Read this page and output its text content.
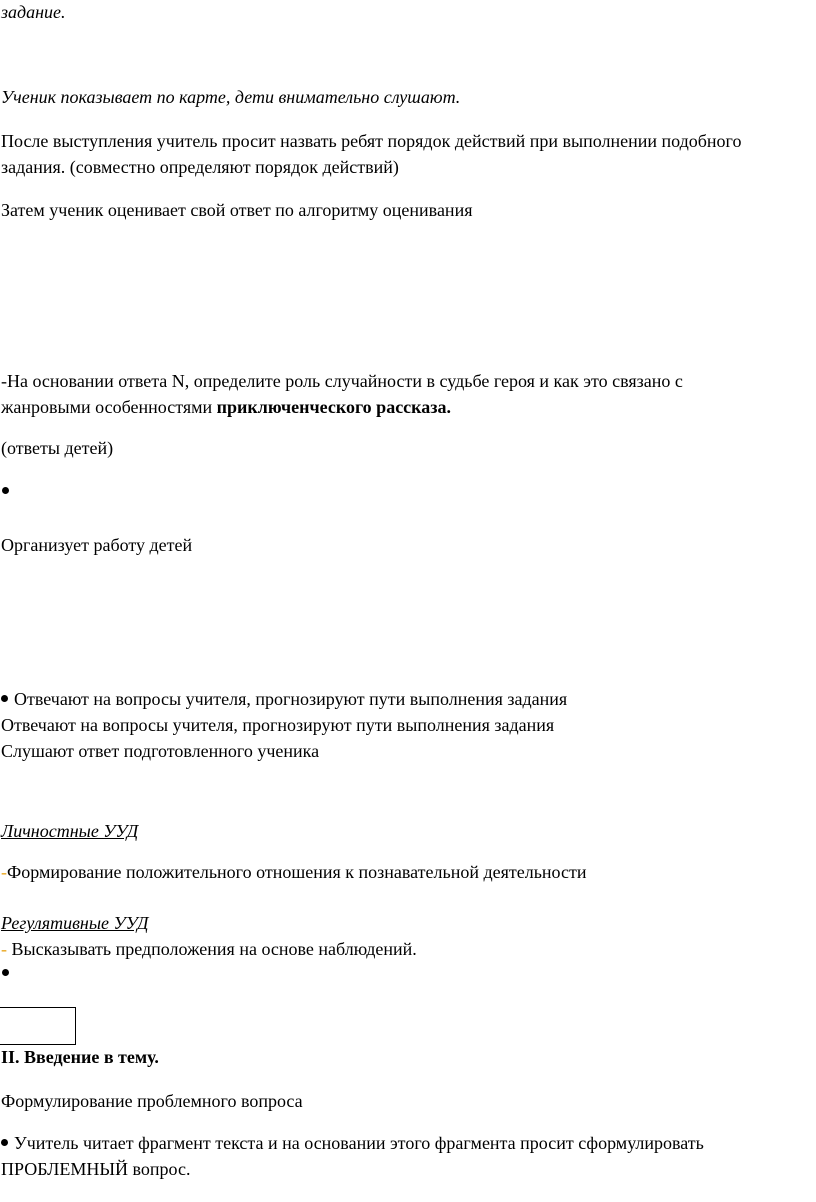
задание.
Ученик показывает по карте, дети внимательно слушают.
После выступления учитель просит назвать ребят порядок действий при выполнении подобного
задания. (совместно определяют порядок действий)
Затем ученик оценивает свой ответ по алгоритму оценивания
-На основании ответа N, определите роль случайности в судьбе героя и как это связано с
жанровыми особенностями приключенческого рассказа.
(ответы детей)
Организует работу детей
Отвечают на вопросы учителя, прогнозируют пути выполнения задания
Отвечают на вопросы учителя, прогнозируют пути выполнения задания
Слушают ответ подготовленного ученика
Личностные УУД
-Формирование положительного отношения к познавательной деятельности
Регулятивные УУД
- Высказывать предположения на основе наблюдений.
II. Введение в тему.
Формулирование проблемного вопроса
Учитель читает фрагмент текста и на основании этого фрагмента просит сформулировать
ПРОБЛЕМНЫЙ вопрос.
